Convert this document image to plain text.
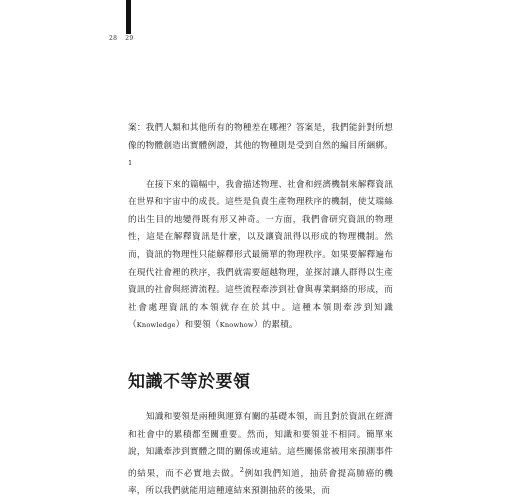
28 29

案：我們人類和其他所有的物種差在哪裡？答案是，我們能針對所想像的物體創造出實體例證，其他的物種則是受到自然的編目所綑綁。$^1$

在接下來的篇幅中，我會描述物理、社會和經濟機制來解釋資訊在世界和宇宙中的成長。這些是負責生產物理秩序的機制，使艾瑞絲的出生目的地變得既有形又神奇。一方面，我們會研究資訊的物理性，這是在解釋資訊是什麼，以及讓資訊得以形成的物理機制。然而，資訊的物理性只能解釋形式最簡單的物理秩序。如果要解釋遍布在現代社會裡的秩序，我們就需要超越物理，並探討讓人群得以生產資訊的社會與經濟流程。這些流程牽涉到社會與專業網絡的形成，而社會處理資訊的本領就存在於其中。這種本領則牽涉到知識（Knowledge）和要領（Knowhow）的累積。

知識不等於要領

知識和要領是兩種與運算有關的基礎本領，而且對於資訊在經濟和社會中的累積都至關重要。然而，知識和要領並不相同。簡單來說，知識牽涉到實體之間的關係或連結。這些關係常被用來預測事件的結果，而不必實地去做。$^2$例如我們知道，抽菸會提高肺癌的機率，所以我們就能用這種連結來預測抽菸的後果，而
